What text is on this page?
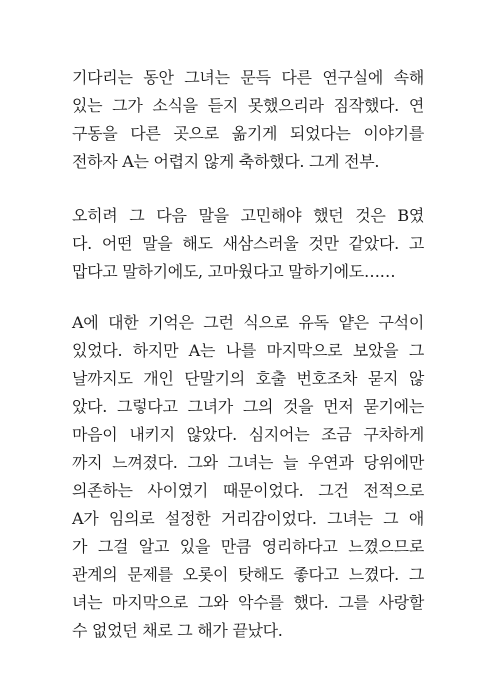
기다리는 동안 그녀는 문득 다른 연구실에 속해
있는 그가 소식을 듣지 못했으리라 짐작했다. 연
구동을 다른 곳으로 옮기게 되었다는 이야기를
전하자 A는 어렵지 않게 축하했다. 그게 전부.
오히려 그 다음 말을 고민해야 했던 것은 B였
다. 어떤 말을 해도 새삼스러울 것만 같았다. 고
맙다고 말하기에도, 고마웠다고 말하기에도……
A에 대한 기억은 그런 식으로 유독 얕은 구석이
있었다. 하지만 A는 나를 마지막으로 보았을 그
날까지도 개인 단말기의 호출 번호조차 묻지 않
았다. 그렇다고 그녀가 그의 것을 먼저 묻기에는
마음이 내키지 않았다. 심지어는 조금 구차하게
까지 느껴졌다. 그와 그녀는 늘 우연과 당위에만
의존하는 사이였기 때문이었다. 그건 전적으로
A가 임의로 설정한 거리감이었다. 그녀는 그 애
가 그걸 알고 있을 만큼 영리하다고 느꼈으므로
관계의 문제를 오롯이 탓해도 좋다고 느꼈다. 그
녀는 마지막으로 그와 악수를 했다. 그를 사랑할
수 없었던 채로 그 해가 끝났다.
